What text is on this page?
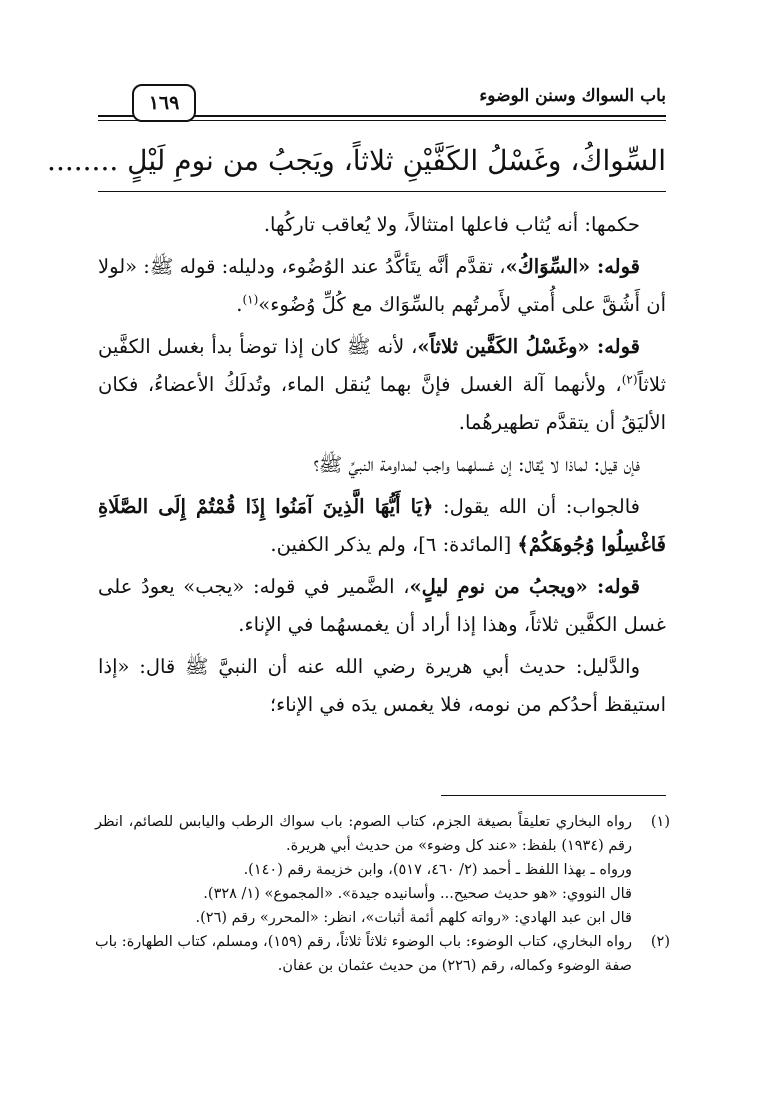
باب السواك وسنن الوضوء
١٦٩
السِّواكُ، وغَسْلُ الكَفَّيْنِ ثلاثاً، ويَجبُ من نومِ لَيْلٍ ........

حكمها: أنه يُثاب فاعلها امتثالاً، ولا يُعاقب تاركُها.

قوله: «السِّوَاكُ»، تقدَّم أنَّه يتَأكَّدُ عند الوُضُوء، ودليله: قوله ﷺ: «لولا أن أَشُقَّ على أُمتي لأَمرتُهم بالسِّوَاك مع كُلِّ وُضُوء»$^{(١)}$.

قوله: «وغَسْلُ الكَفَّين ثلاثاً»، لأنه ﷺ كان إذا توضأ بدأ بغسل الكفَّين ثلاثاً$^{(٢)}$، ولأنهما آلة الغسل فإنَّ بهما يُنقل الماء، وتُدلَكُ الأعضاءُ، فكان الأليَقُ أن يتقدَّم تطهيرهُما.

فإن قيل: لماذا لا يُقال: إن غسلهما واجب لمداومة النبيِّ ﷺ؟

فالجواب: أن الله يقول: ﴿يَا أَيُّهَا الَّذِينَ آمَنُوا إِذَا قُمْتُمْ إِلَى الصَّلَاةِ فَاغْسِلُوا وُجُوهَكُمْ﴾ [المائدة: ٦]، ولم يذكر الكفين.

قوله: «ويجبُ من نومِ ليلٍ»، الضَّمير في قوله: «يجب» يعودُ على غسل الكفَّين ثلاثاً، وهذا إذا أراد أن يغمسهُما في الإناء.

والدَّليل: حديث أبي هريرة رضي الله عنه أن النبيَّ ﷺ قال: «إذا استيقظ أحدُكم من نومه، فلا يغمس يدَه في الإناء؛

(١)
رواه البخاري تعليقاً بصيغة الجزم، كتاب الصوم: باب سواك الرطب واليابس للصائم، انظر رقم (١٩٣٤) بلفظ: «عند كل وضوء» من حديث أبي هريرة.
ورواه ـ بهذا اللفظ ـ أحمد (٢/ ٤٦٠، ٥١٧)، وابن خزيمة رقم (١٤٠).
قال النووي: «هو حديث صحيح... وأسانيده جيدة». «المجموع» (١/ ٣٢٨).
قال ابن عبد الهادي: «رواته كلهم أئمة أثبات»، انظر: «المحرر» رقم (٢٦).
(٢)
رواه البخاري، كتاب الوضوء: باب الوضوء ثلاثاً ثلاثاً، رقم (١٥٩)، ومسلم، كتاب الطهارة: باب صفة الوضوء وكماله، رقم (٢٢٦) من حديث عثمان بن عفان.
